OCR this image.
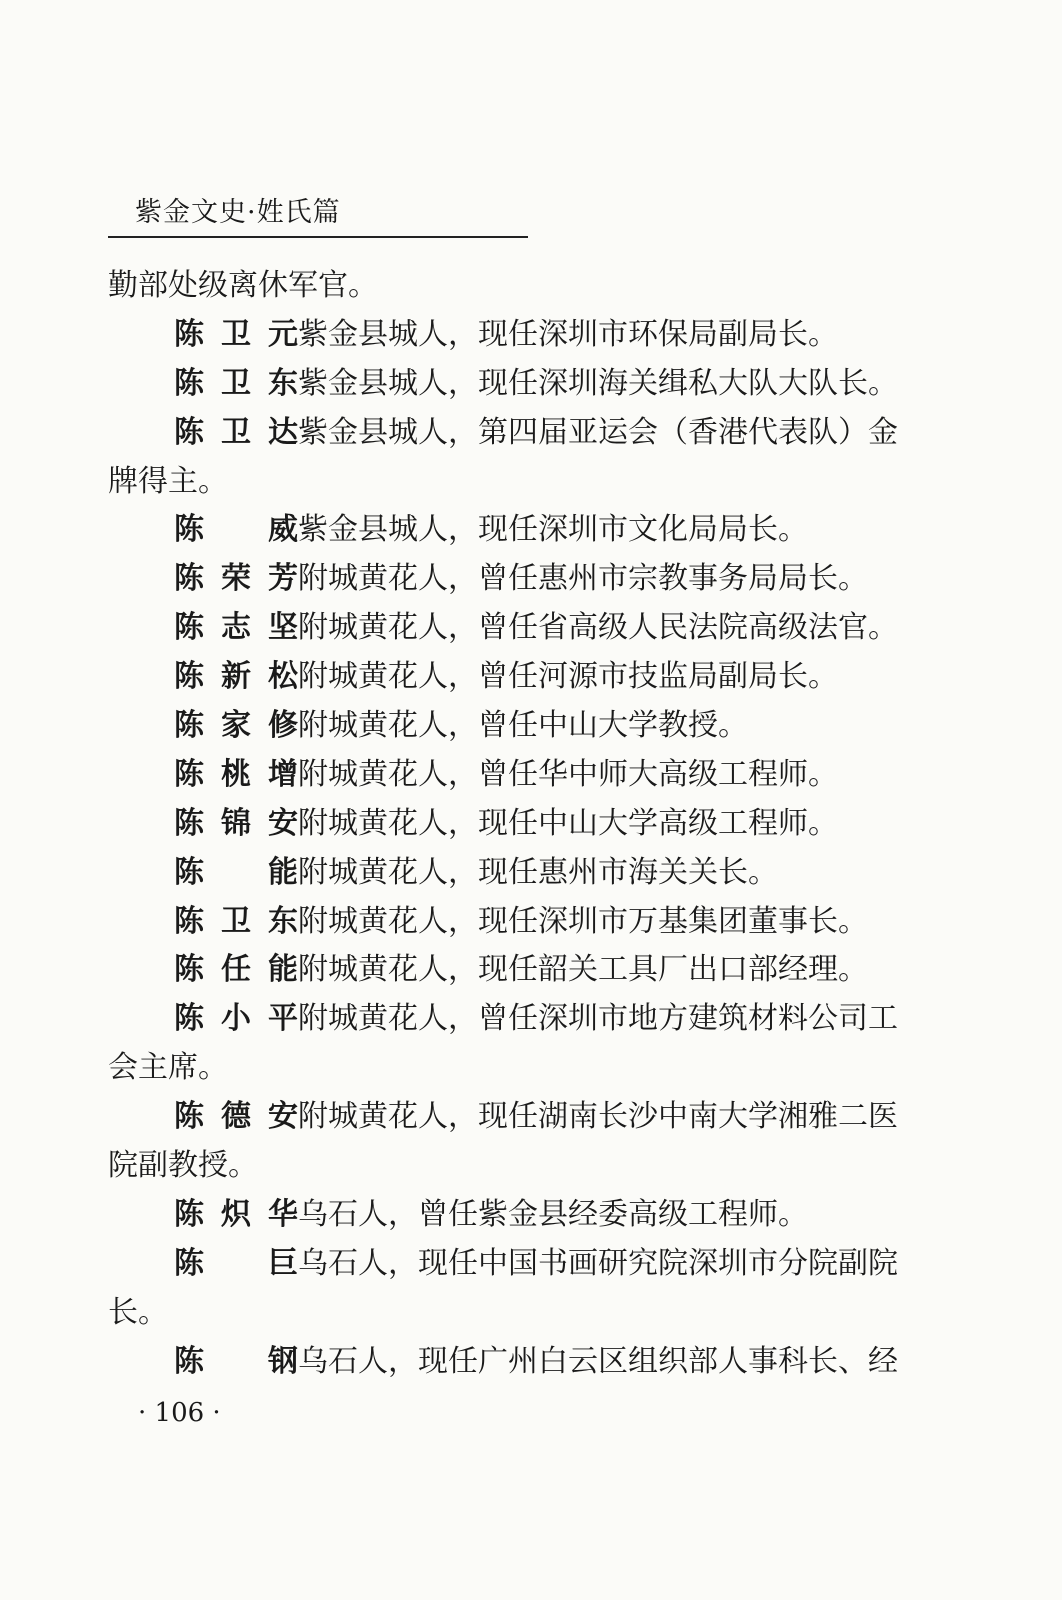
紫金文史·姓氏篇
勤部处级离休军官。
陈卫元紫金县城人，现任深圳市环保局副局长。
陈卫东紫金县城人，现任深圳海关缉私大队大队长。
陈卫达紫金县城人，第四届亚运会（香港代表队）金
牌得主。
陈 威紫金县城人，现任深圳市文化局局长。
陈荣芳附城黄花人，曾任惠州市宗教事务局局长。
陈志坚附城黄花人，曾任省高级人民法院高级法官。
陈新松附城黄花人，曾任河源市技监局副局长。
陈家修附城黄花人，曾任中山大学教授。
陈桃增附城黄花人，曾任华中师大高级工程师。
陈锦安附城黄花人，现任中山大学高级工程师。
陈 能附城黄花人，现任惠州市海关关长。
陈卫东附城黄花人，现任深圳市万基集团董事长。
陈任能附城黄花人，现任韶关工具厂出口部经理。
陈小平附城黄花人，曾任深圳市地方建筑材料公司工
会主席。
陈德安附城黄花人，现任湖南长沙中南大学湘雅二医
院副教授。
陈炽华乌石人，曾任紫金县经委高级工程师。
陈 巨乌石人，现任中国书画研究院深圳市分院副院
长。
陈 钢乌石人，现任广州白云区组织部人事科长、经
· 106 ·
